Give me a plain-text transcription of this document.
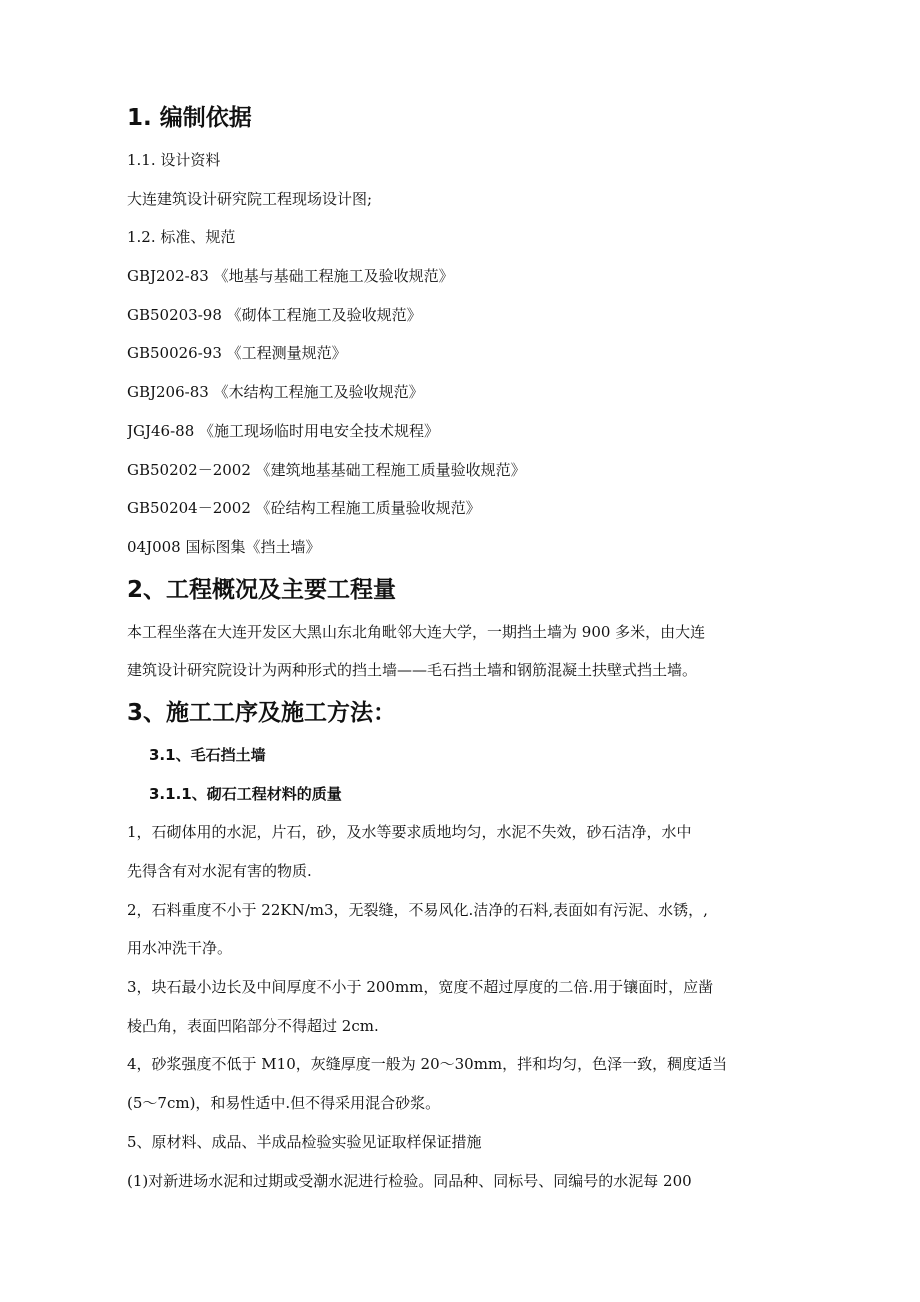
1. 编制依据
1.1. 设计资料
大连建筑设计研究院工程现场设计图;
1.2. 标准、规范
GBJ202-83 《地基与基础工程施工及验收规范》
GB50203-98 《砌体工程施工及验收规范》
GB50026-93 《工程测量规范》
GBJ206-83 《木结构工程施工及验收规范》
JGJ46-88 《施工现场临时用电安全技术规程》
GB50202－2002 《建筑地基基础工程施工质量验收规范》
GB50204－2002 《砼结构工程施工质量验收规范》
04J008 国标图集《挡土墙》
2、工程概况及主要工程量
本工程坐落在大连开发区大黑山东北角毗邻大连大学，一期挡土墙为 900 多米，由大连
建筑设计研究院设计为两种形式的挡土墙——毛石挡土墙和钢筋混凝土扶壁式挡土墙。
3、施工工序及施工方法：
3.1、毛石挡土墙
3.1.1、砌石工程材料的质量
1，石砌体用的水泥，片石，砂，及水等要求质地均匀，水泥不失效，砂石洁净，水中
先得含有对水泥有害的物质.
2，石料重度不小于 22KN/m3，无裂缝，不易风化.洁净的石料,表面如有污泥、水锈，,
用水冲洗干净。
3，块石最小边长及中间厚度不小于 200mm，宽度不超过厚度的二倍.用于镶面时，应凿
棱凸角，表面凹陷部分不得超过 2cm.
4，砂浆强度不低于 M10，灰缝厚度一般为 20～30mm，拌和均匀，色泽一致，稠度适当
(5～7cm)，和易性适中.但不得采用混合砂浆。
5、原材料、成品、半成品检验实验见证取样保证措施
(1)对新进场水泥和过期或受潮水泥进行检验。同品种、同标号、同编号的水泥每 200
